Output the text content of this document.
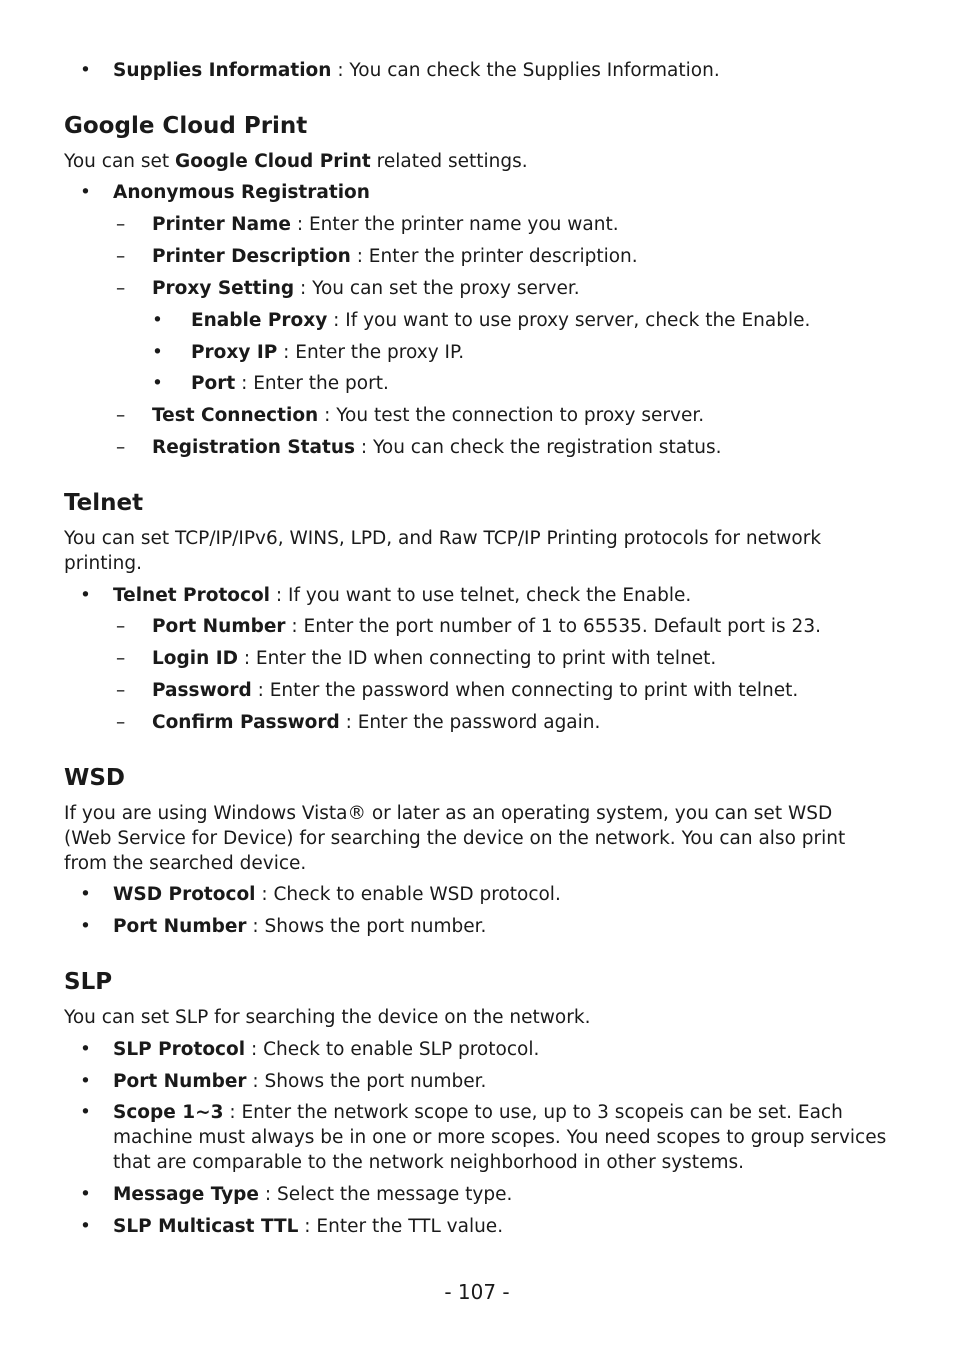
• Supplies Information : You can check the Supplies Information.
Google Cloud Print
You can set Google Cloud Print related settings.
• Anonymous Registration
– Printer Name : Enter the printer name you want.
– Printer Description : Enter the printer description.
– Proxy Setting : You can set the proxy server.
• Enable Proxy : If you want to use proxy server, check the Enable.
• Proxy IP : Enter the proxy IP.
• Port : Enter the port.
– Test Connection : You test the connection to proxy server.
– Registration Status : You can check the registration status.
Telnet
You can set TCP/IP/IPv6, WINS, LPD, and Raw TCP/IP Printing protocols for network printing.
• Telnet Protocol : If you want to use telnet, check the Enable.
– Port Number : Enter the port number of 1 to 65535. Default port is 23.
– Login ID : Enter the ID when connecting to print with telnet.
– Password : Enter the password when connecting to print with telnet.
– Confirm Password : Enter the password again.
WSD
If you are using Windows Vista® or later as an operating system, you can set WSD (Web Service for Device) for searching the device on the network. You can also print from the searched device.
• WSD Protocol : Check to enable WSD protocol.
• Port Number : Shows the port number.
SLP
You can set SLP for searching the device on the network.
• SLP Protocol : Check to enable SLP protocol.
• Port Number : Shows the port number.
• Scope 1~3 : Enter the network scope to use, up to 3 scopeis can be set. Each machine must always be in one or more scopes. You need scopes to group services that are comparable to the network neighborhood in other systems.
• Message Type : Select the message type.
• SLP Multicast TTL : Enter the TTL value.
- 107 -
